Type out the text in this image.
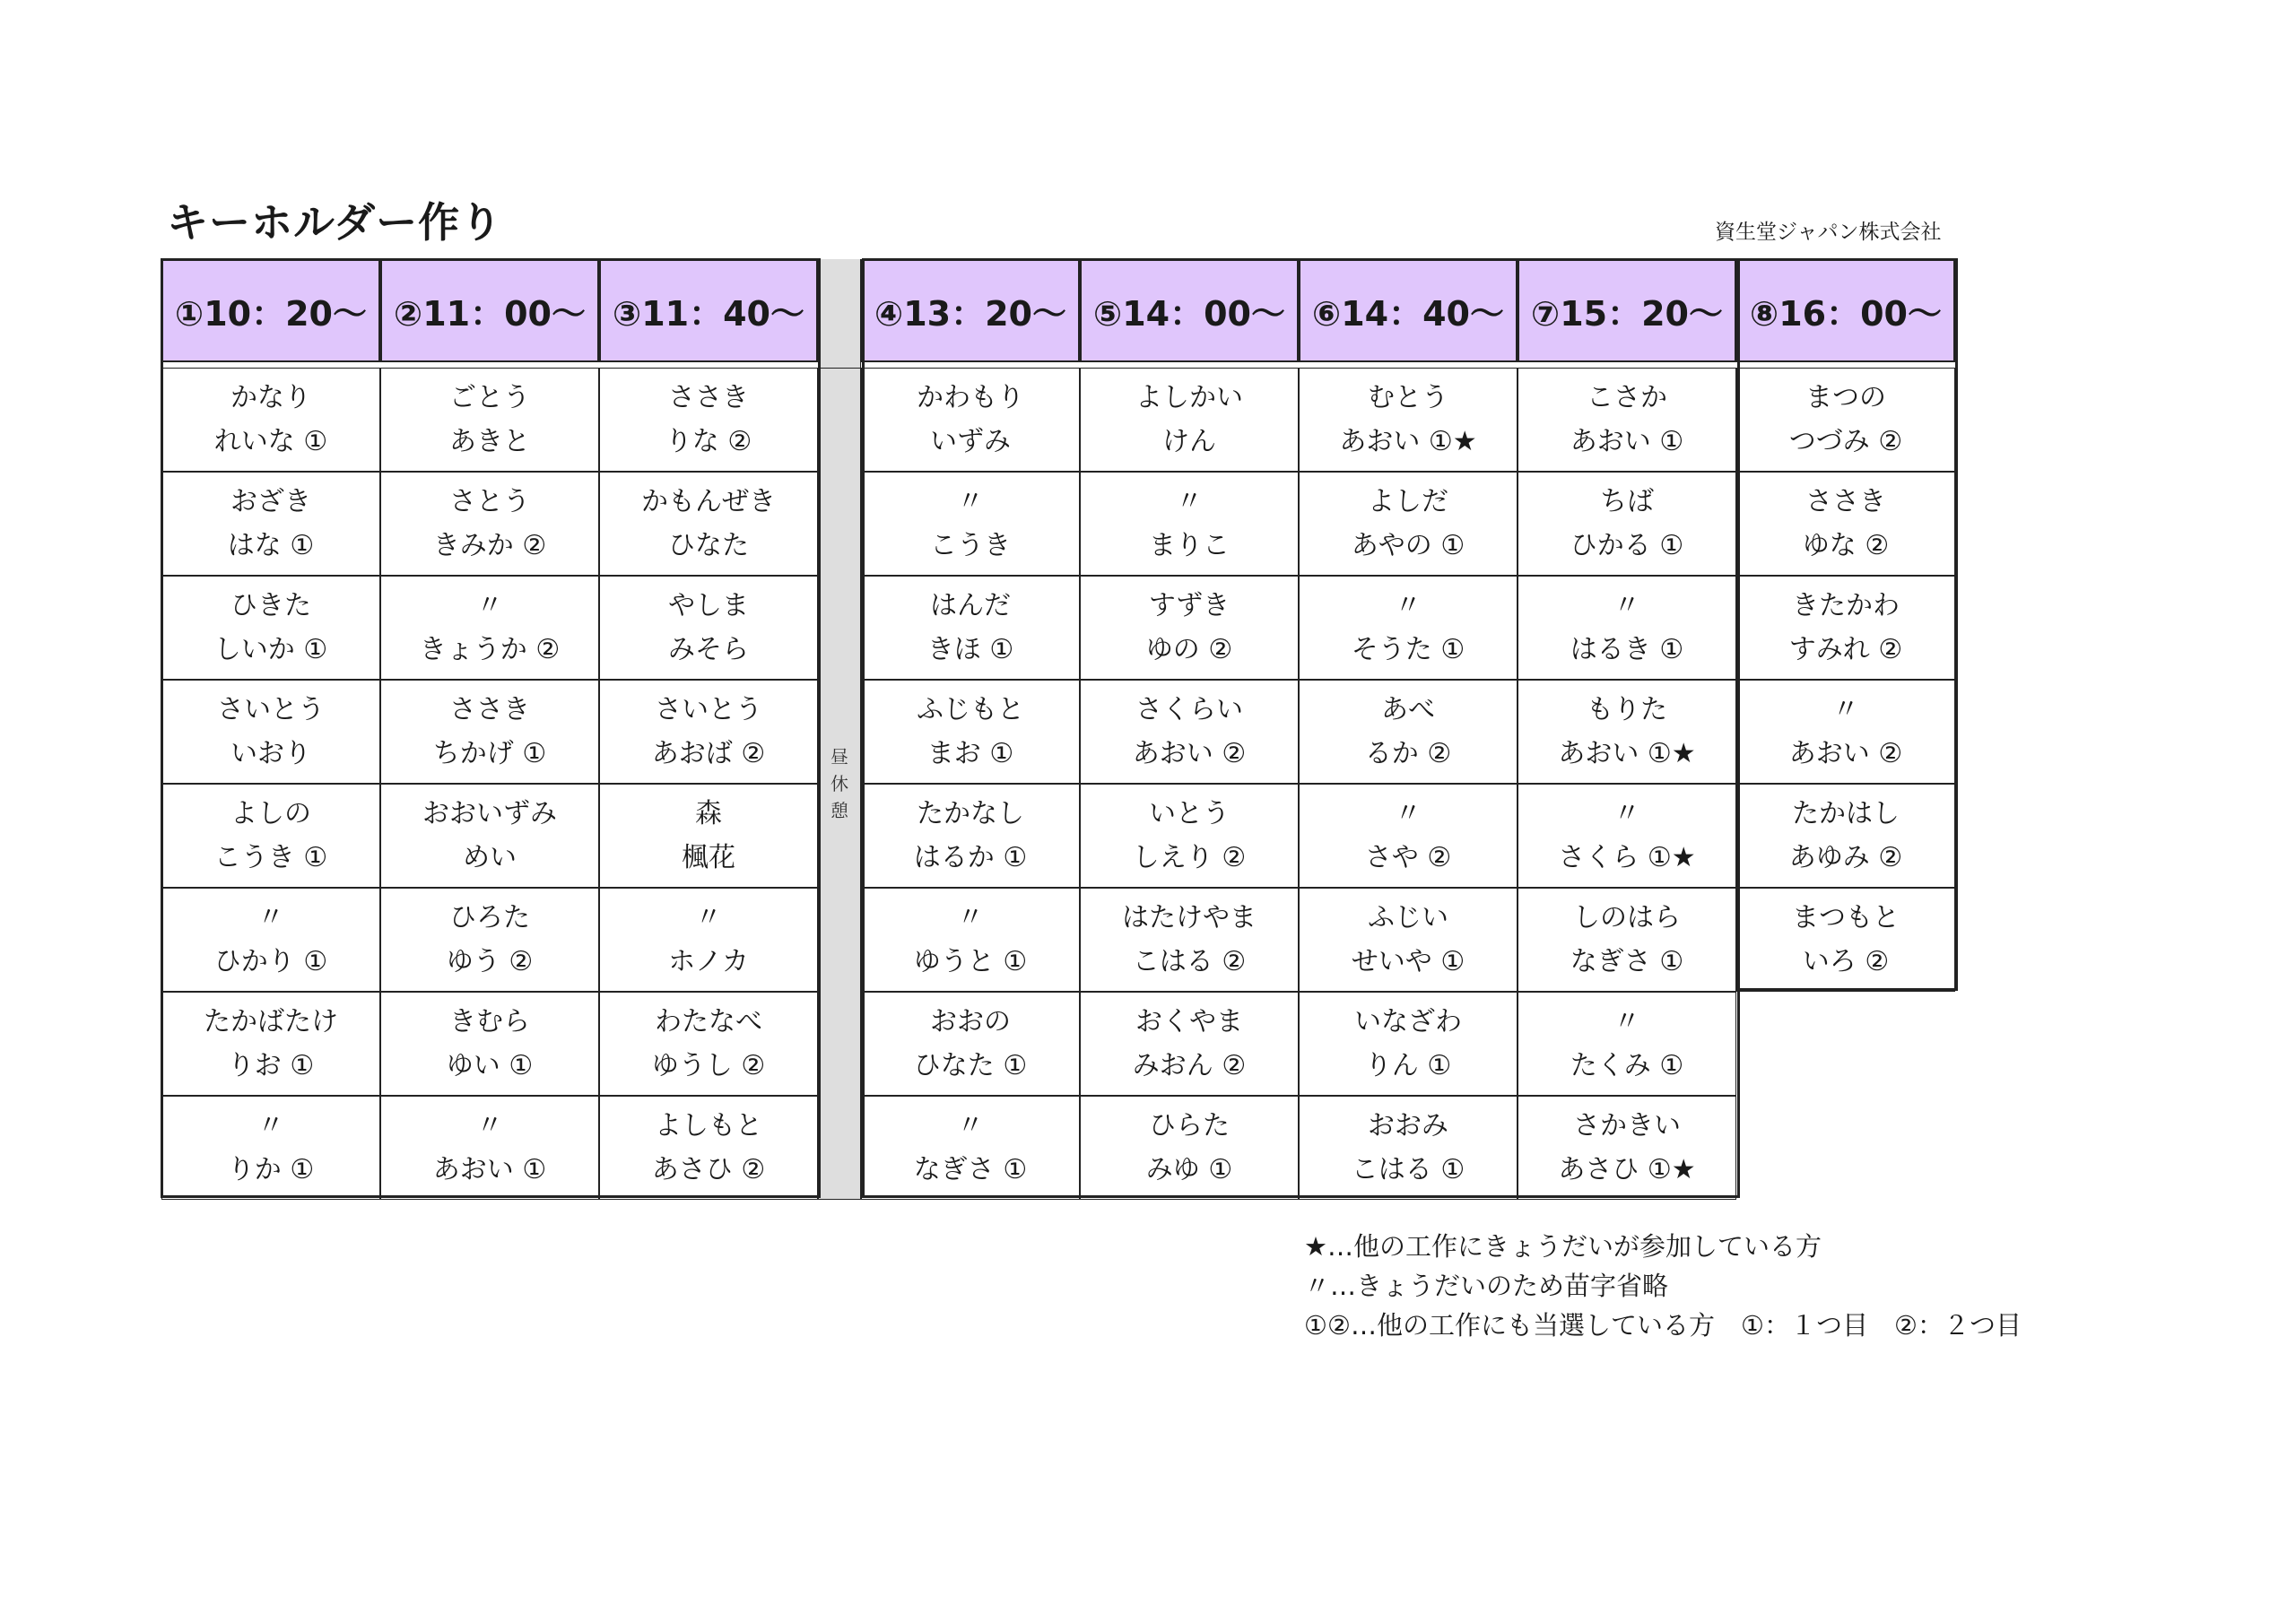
キーホルダー作り	資生堂ジャパン株式会社
①10：20～
かなり
れいな ①
おざき
はな ①
ひきた
しいか ①
さいとう
いおり
よしの
こうき ①
〃
ひかり ①
たかばたけ
りお ①
〃
りか ①
②11：00～
ごとう
あきと
さとう
きみか ②
〃
きょうか ②
ささき
ちかげ ①
おおいずみ
めい
ひろた
ゆう ②
きむら
ゆい ①
〃
あおい ①
③11：40～
ささき
りな ②
かもんぜき
ひなた
やしま
みそら
さいとう
あおば ②
森
楓花
〃
ホノカ
わたなべ
ゆうし ②
よしもと
あさひ ②
④13：20～
かわもり
いずみ
〃
こうき
はんだ
きほ ①
ふじもと
まお ①
たかなし
はるか ①
〃
ゆうと ①
おおの
ひなた ①
〃
なぎさ ①
⑤14：00～
よしかい
けん
〃
まりこ
すずき
ゆの ②
さくらい
あおい ②
いとう
しえり ②
はたけやま
こはる ②
おくやま
みおん ②
ひらた
みゆ ①
⑥14：40～
むとう
あおい ①★
よしだ
あやの ①
〃
そうた ①
あべ
るか ②
〃
さや ②
ふじい
せいや ①
いなざわ
りん ①
おおみ
こはる ①
⑦15：20～
こさか
あおい ①
ちば
ひかる ①
〃
はるき ①
もりた
あおい ①★
〃
さくら ①★
しのはら
なぎさ ①
〃
たくみ ①
さかきい
あさひ ①★
⑧16：00～
まつの
つづみ ②
ささき
ゆな ②
きたかわ
すみれ ②
〃
あおい ②
たかはし
あゆみ ②
まつもと
いろ ②
昼
休
憩
★…他の工作にきょうだいが参加している方
〃…きょうだいのため苗字省略
①②…他の工作にも当選している方　①：１つ目　②：２つ目
